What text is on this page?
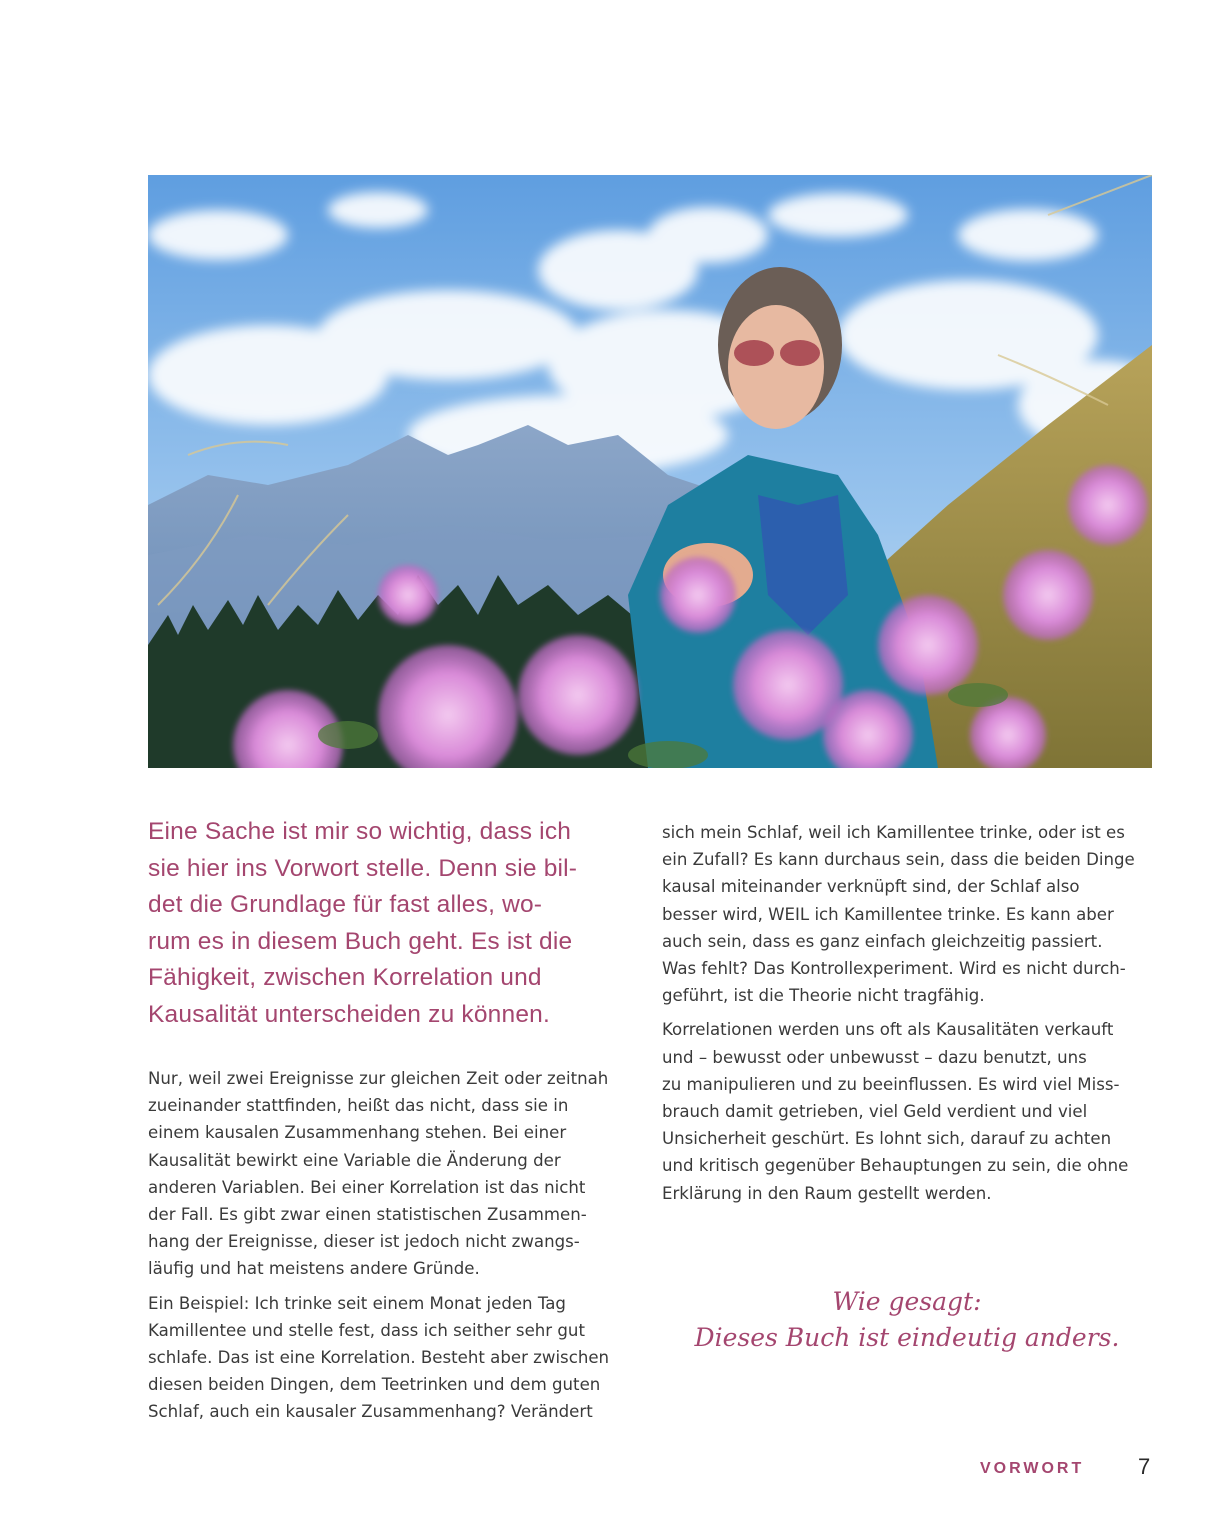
Eine Sache ist mir so wichtig, dass ich

sie hier ins Vorwort stelle. Denn sie bil-

det die Grundlage für fast alles, wo-

rum es in diesem Buch geht. Es ist die

Fähigkeit, zwischen Korrelation und

Kausalität unterscheiden zu können.

Nur, weil zwei Ereignisse zur gleichen Zeit oder zeitnah
zueinander stattfinden, heißt das nicht, dass sie in
einem kausalen Zusammenhang stehen. Bei einer
Kausalität bewirkt eine Variable die Änderung der
anderen Variablen. Bei einer Korrelation ist das nicht
der Fall. Es gibt zwar einen statistischen Zusammen-
hang der Ereignisse, dieser ist jedoch nicht zwangs-
läufig und hat meistens andere Gründe.

Ein Beispiel: Ich trinke seit einem Monat jeden Tag
Kamillentee und stelle fest, dass ich seither sehr gut
schlafe. Das ist eine Korrelation. Besteht aber zwischen
diesen beiden Dingen, dem Teetrinken und dem guten
Schlaf, auch ein kausaler Zusammenhang? Verändert

sich mein Schlaf, weil ich Kamillentee trinke, oder ist es
ein Zufall? Es kann durchaus sein, dass die beiden Dinge
kausal miteinander verknüpft sind, der Schlaf also
besser wird, WEIL ich Kamillentee trinke. Es kann aber
auch sein, dass es ganz einfach gleichzeitig passiert.
Was fehlt? Das Kontrollexperiment. Wird es nicht durch-
geführt, ist die Theorie nicht tragfähig.

Korrelationen werden uns oft als Kausalitäten verkauft
und – bewusst oder unbewusst – dazu benutzt, uns
zu manipulieren und zu beeinflussen. Es wird viel Miss-
brauch damit getrieben, viel Geld verdient und viel
Unsicherheit geschürt. Es lohnt sich, darauf zu achten
und kritisch gegenüber Behauptungen zu sein, die ohne
Erklärung in den Raum gestellt werden.

Wie gesagt:
Dieses Buch ist eindeutig anders.
VORWORT 7
